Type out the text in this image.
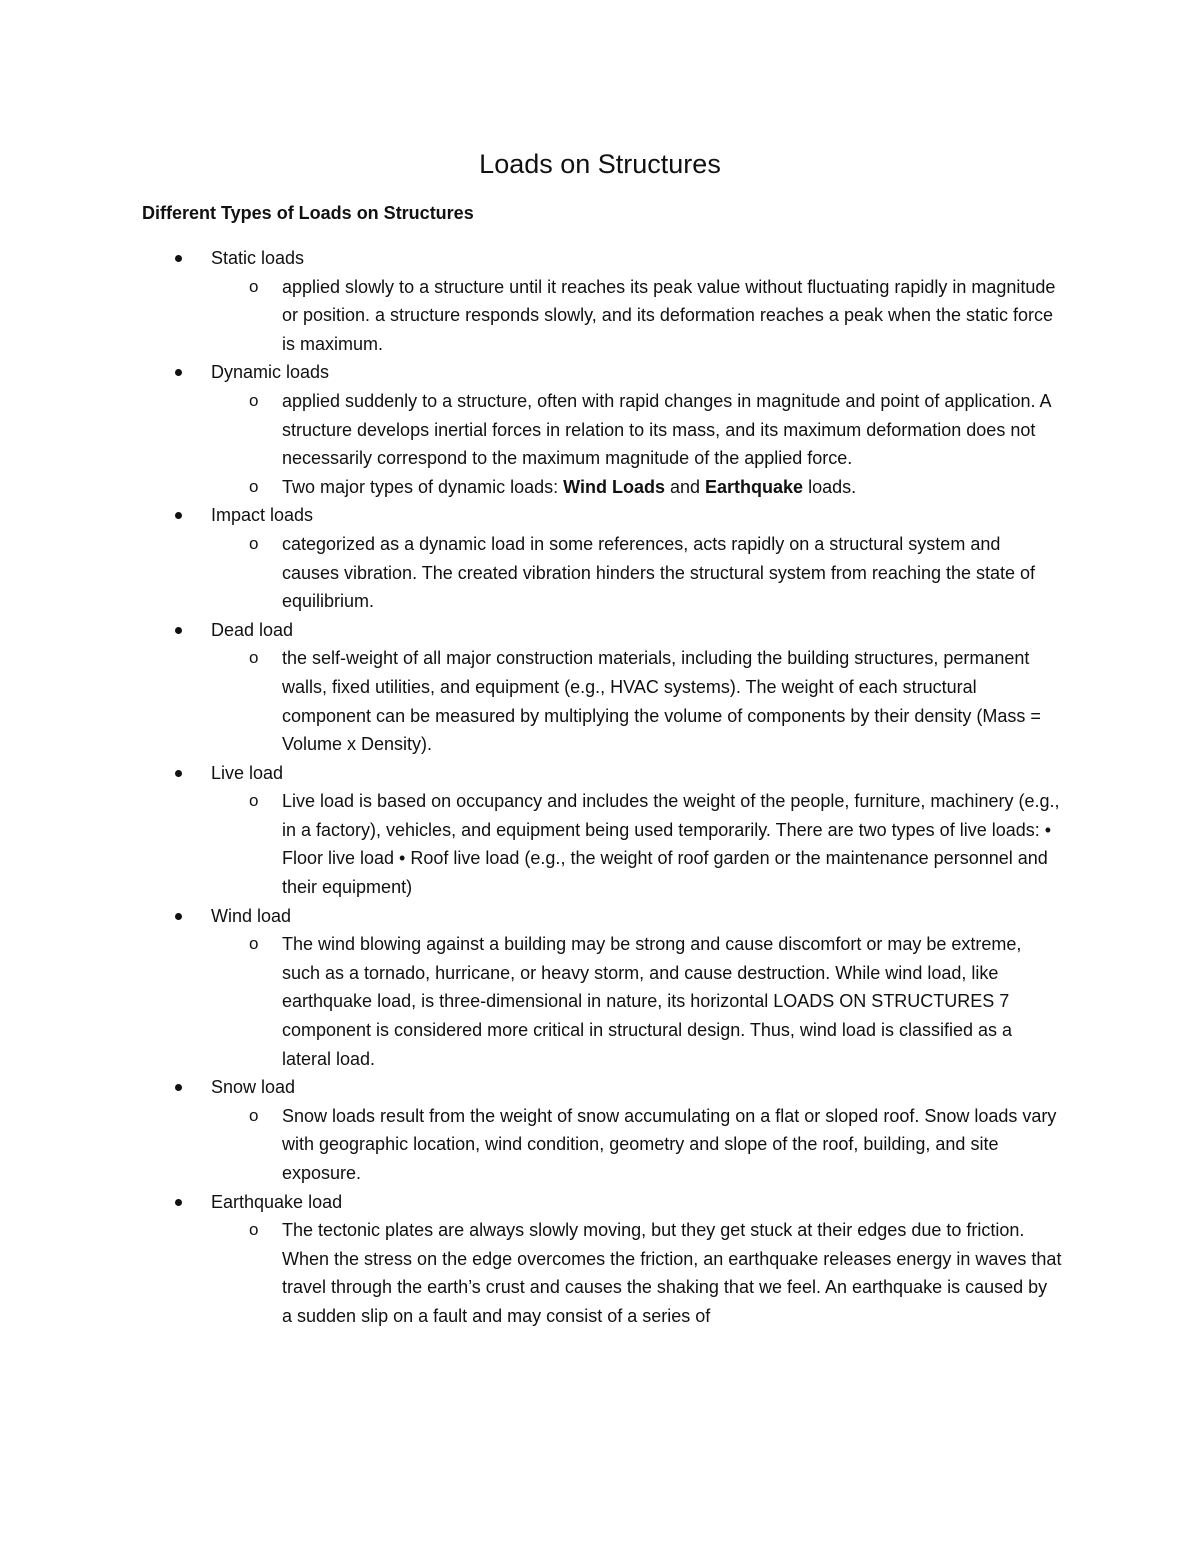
Loads on Structures
Different Types of Loads on Structures
Static loads
o applied slowly to a structure until it reaches its peak value without fluctuating rapidly in magnitude or position. a structure responds slowly, and its deformation reaches a peak when the static force is maximum.

Dynamic loads
o applied suddenly to a structure, often with rapid changes in magnitude and point of application. A structure develops inertial forces in relation to its mass, and its maximum deformation does not necessarily correspond to the maximum magnitude of the applied force.

o Two major types of dynamic loads: Wind Loads and Earthquake loads.

Impact loads
o categorized as a dynamic load in some references, acts rapidly on a structural system and causes vibration. The created vibration hinders the structural system from reaching the state of equilibrium.

Dead load
o the self-weight of all major construction materials, including the building structures, permanent walls, fixed utilities, and equipment (e.g., HVAC systems). The weight of each structural component can be measured by multiplying the volume of components by their density (Mass = Volume x Density).

Live load
o Live load is based on occupancy and includes the weight of the people, furniture, machinery (e.g., in a factory), vehicles, and equipment being used temporarily. There are two types of live loads: • Floor live load • Roof live load (e.g., the weight of roof garden or the maintenance personnel and their equipment)

Wind load
o The wind blowing against a building may be strong and cause discomfort or may be extreme, such as a tornado, hurricane, or heavy storm, and cause destruction. While wind load, like earthquake load, is three-dimensional in nature, its horizontal LOADS ON STRUCTURES 7 component is considered more critical in structural design. Thus, wind load is classified as a lateral load.

Snow load
o Snow loads result from the weight of snow accumulating on a flat or sloped roof. Snow loads vary with geographic location, wind condition, geometry and slope of the roof, building, and site exposure.

Earthquake load
o The tectonic plates are always slowly moving, but they get stuck at their edges due to friction. When the stress on the edge overcomes the friction, an earthquake releases energy in waves that travel through the earth’s crust and causes the shaking that we feel. An earthquake is caused by a sudden slip on a fault and may consist of a series of
